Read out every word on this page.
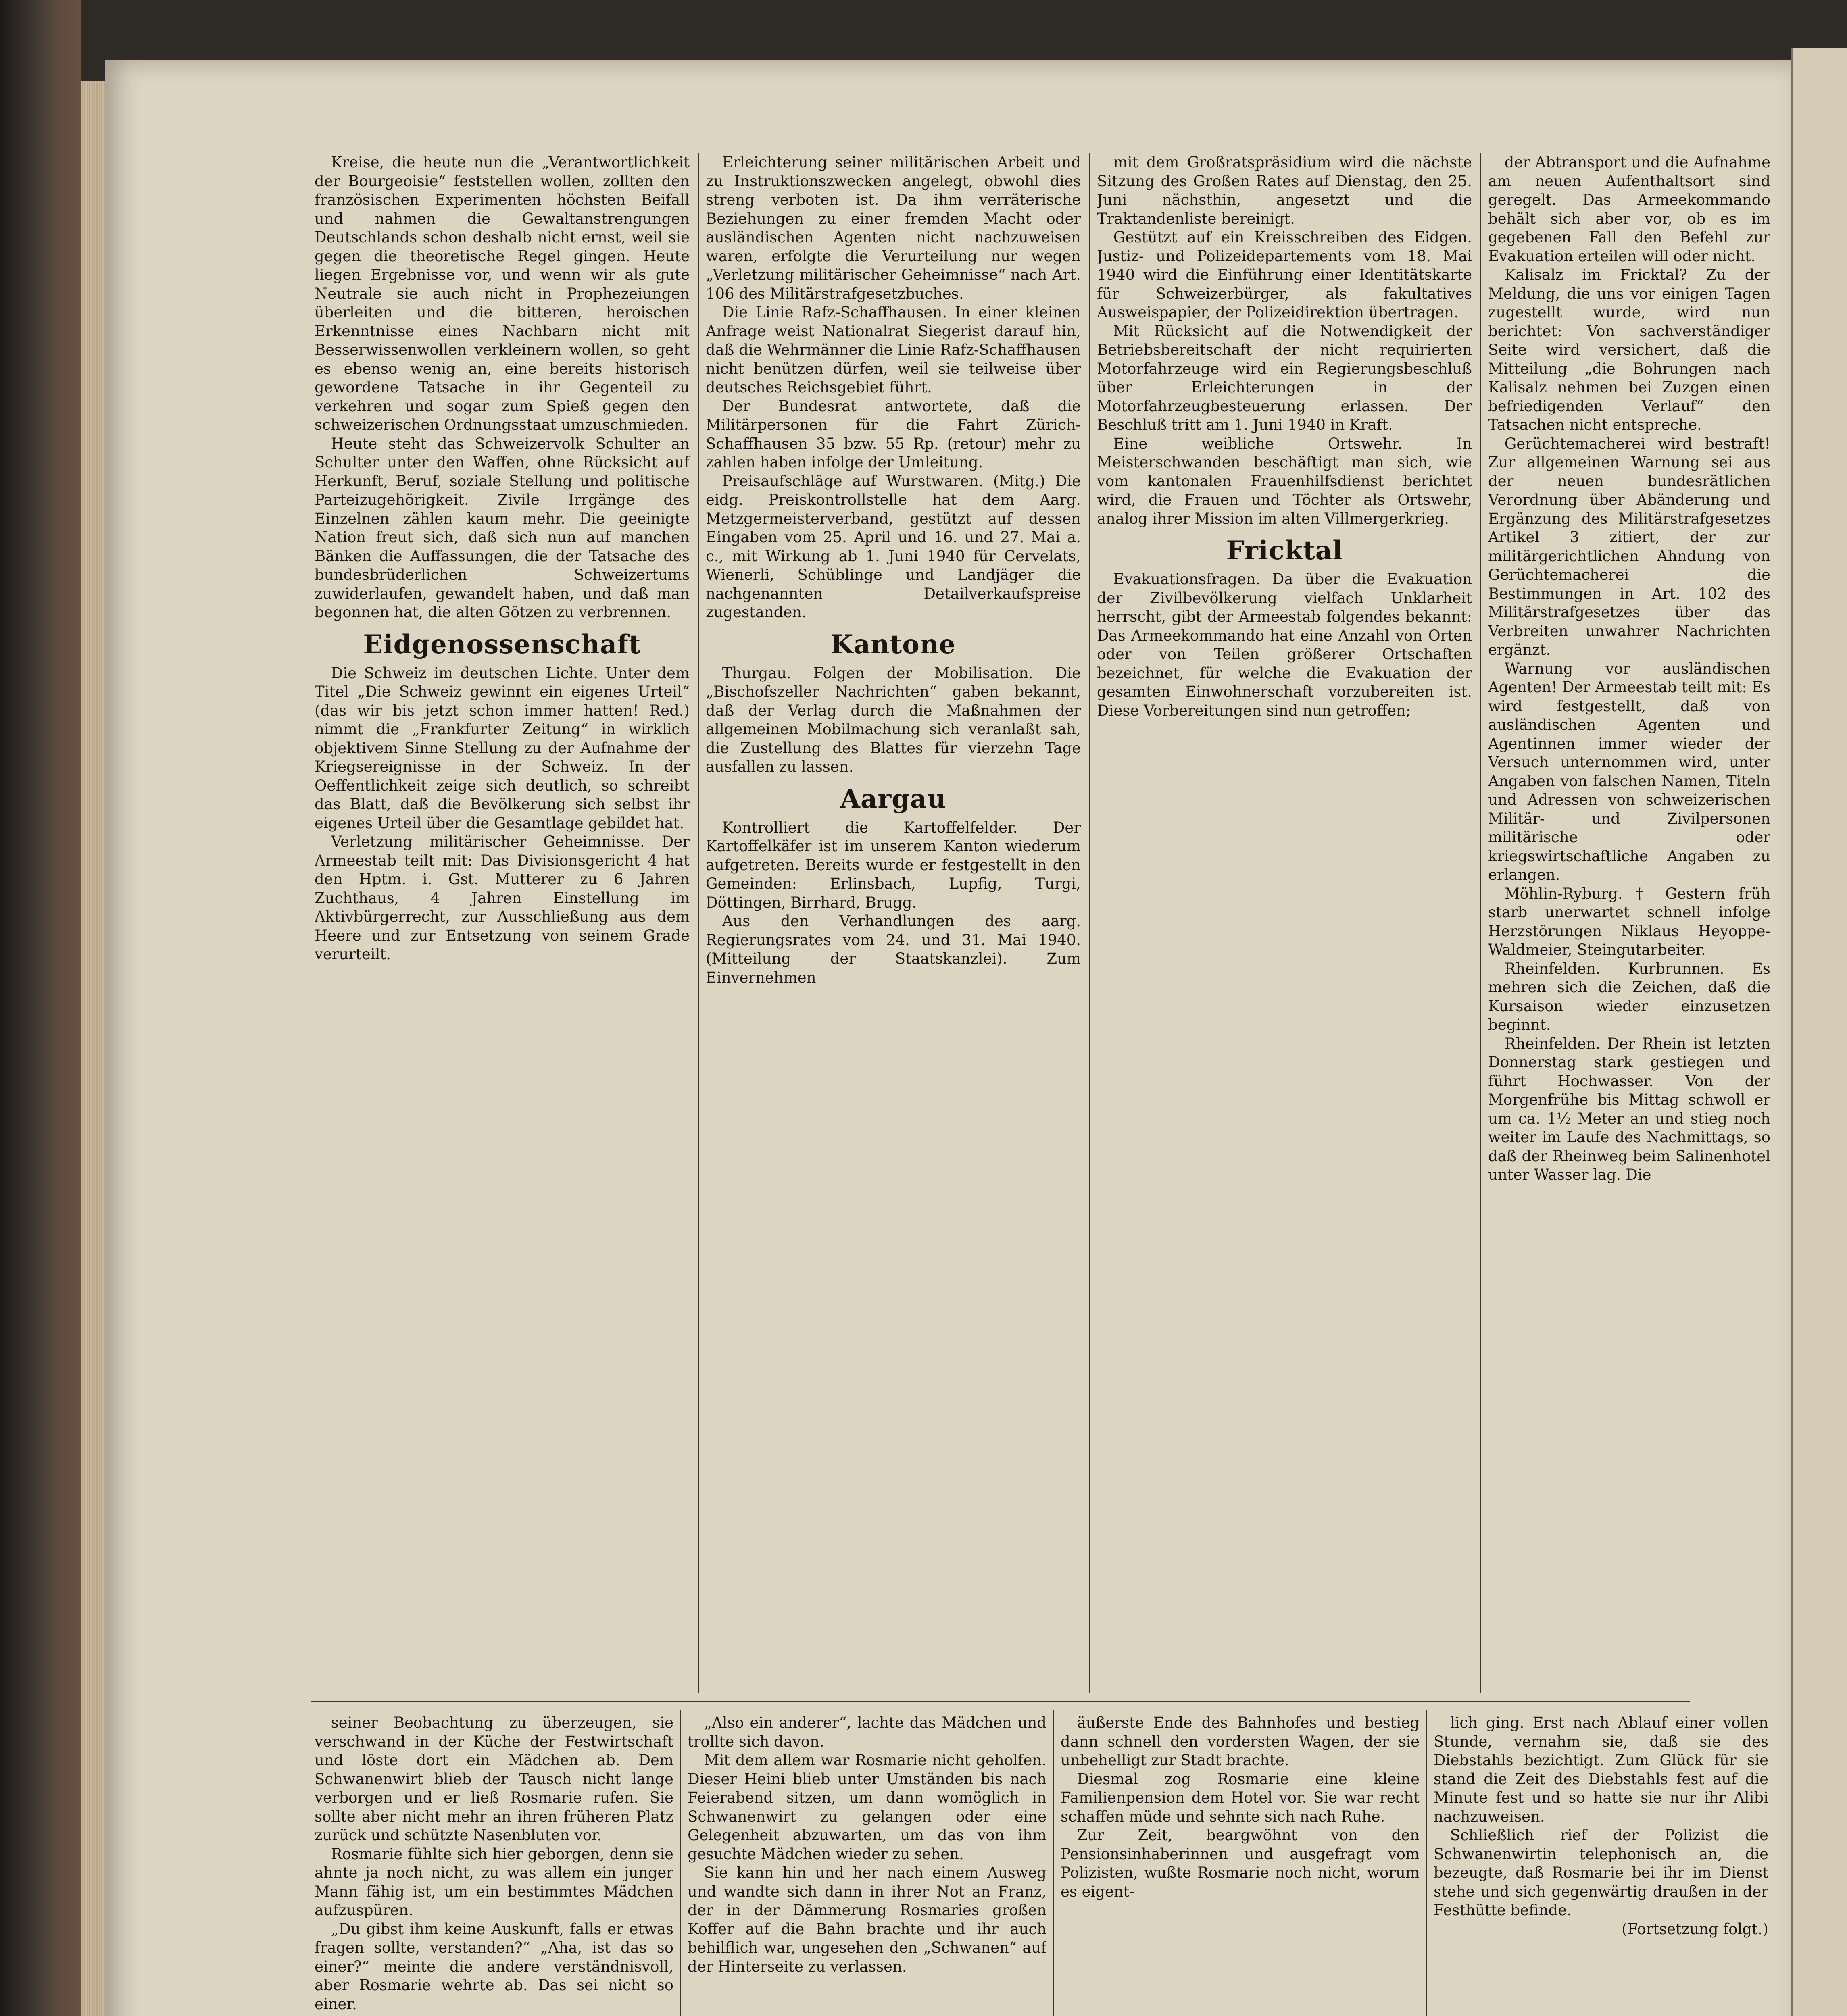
Kreise, die heute nun die „Verantwortlichkeit der Bourgeoisie“ feststellen wollen, zollten den französischen Experimenten höchsten Beifall und nahmen die Gewaltanstrengungen Deutschlands schon deshalb nicht ernst, weil sie gegen die theoretische Regel gingen. Heute liegen Ergebnisse vor, und wenn wir als gute Neutrale sie auch nicht in Prophezeiungen überleiten und die bitteren, heroischen Erkenntnisse eines Nachbarn nicht mit Besserwissenwollen verkleinern wollen, so geht es ebenso wenig an, eine bereits historisch gewordene Tatsache in ihr Gegenteil zu verkehren und sogar zum Spieß gegen den schweizerischen Ordnungsstaat umzuschmieden.

Heute steht das Schweizervolk Schulter an Schulter unter den Waffen, ohne Rücksicht auf Herkunft, Beruf, soziale Stellung und politische Parteizugehörigkeit. Zivile Irrgänge des Einzelnen zählen kaum mehr. Die geeinigte Nation freut sich, daß sich nun auf manchen Bänken die Auffassungen, die der Tatsache des bundesbrüderlichen Schweizertums zuwiderlaufen, gewandelt haben, und daß man begonnen hat, die alten Götzen zu verbrennen.

Eidgenossenschaft

Die Schweiz im deutschen Lichte. Unter dem Titel „Die Schweiz gewinnt ein eigenes Urteil“ (das wir bis jetzt schon immer hatten! Red.) nimmt die „Frankfurter Zeitung“ in wirklich objektivem Sinne Stellung zu der Aufnahme der Kriegsereignisse in der Schweiz. In der Oeffentlichkeit zeige sich deutlich, so schreibt das Blatt, daß die Bevölkerung sich selbst ihr eigenes Urteil über die Gesamtlage gebildet hat.

Verletzung militärischer Geheimnisse. Der Armeestab teilt mit: Das Divisionsgericht 4 hat den Hptm. i. Gst. Mutterer zu 6 Jahren Zuchthaus, 4 Jahren Einstellung im Aktivbürgerrecht, zur Ausschließung aus dem Heere und zur Entsetzung von seinem Grade verurteilt.

Erleichterung seiner militärischen Arbeit und zu Instruktionszwecken angelegt, obwohl dies streng verboten ist. Da ihm verräterische Beziehungen zu einer fremden Macht oder ausländischen Agenten nicht nachzuweisen waren, erfolgte die Verurteilung nur wegen „Verletzung militärischer Geheimnisse“ nach Art. 106 des Militärstrafgesetzbuches.

Die Linie Rafz-Schaffhausen. In einer kleinen Anfrage weist Nationalrat Siegerist darauf hin, daß die Wehrmänner die Linie Rafz-Schaffhausen nicht benützen dürfen, weil sie teilweise über deutsches Reichsgebiet führt.

Der Bundesrat antwortete, daß die Militärpersonen für die Fahrt Zürich-Schaffhausen 35 bzw. 55 Rp. (retour) mehr zu zahlen haben infolge der Umleitung.

Preisaufschläge auf Wurstwaren. (Mitg.) Die eidg. Preiskontrollstelle hat dem Aarg. Metzgermeisterverband, gestützt auf dessen Eingaben vom 25. April und 16. und 27. Mai a. c., mit Wirkung ab 1. Juni 1940 für Cervelats, Wienerli, Schüblinge und Landjäger die nachgenannten Detailverkaufspreise zugestanden.

Kantone

Thurgau. Folgen der Mobilisation. Die „Bischofszeller Nachrichten“ gaben bekannt, daß der Verlag durch die Maßnahmen der allgemeinen Mobilmachung sich veranlaßt sah, die Zustellung des Blattes für vierzehn Tage ausfallen zu lassen.

Aargau

Kontrolliert die Kartoffelfelder. Der Kartoffelkäfer ist im unserem Kanton wiederum aufgetreten. Bereits wurde er festgestellt in den Gemeinden: Erlinsbach, Lupfig, Turgi, Döttingen, Birrhard, Brugg.

Aus den Verhandlungen des aarg. Regierungsrates vom 24. und 31. Mai 1940. (Mitteilung der Staatskanzlei). Zum Einvernehmen

mit dem Großratspräsidium wird die nächste Sitzung des Großen Rates auf Dienstag, den 25. Juni nächsthin, angesetzt und die Traktandenliste bereinigt.

Gestützt auf ein Kreisschreiben des Eidgen. Justiz- und Polizeidepartements vom 18. Mai 1940 wird die Einführung einer Identitätskarte für Schweizerbürger, als fakultatives Ausweispapier, der Polizeidirektion übertragen.

Mit Rücksicht auf die Notwendigkeit der Betriebsbereitschaft der nicht requirierten Motorfahrzeuge wird ein Regierungsbeschluß über Erleichterungen in der Motorfahrzeugbesteuerung erlassen. Der Beschluß tritt am 1. Juni 1940 in Kraft.

Eine weibliche Ortswehr. In Meisterschwanden beschäftigt man sich, wie vom kantonalen Frauenhilfsdienst berichtet wird, die Frauen und Töchter als Ortswehr, analog ihrer Mission im alten Villmergerkrieg.

Fricktal

Evakuationsfragen. Da über die Evakuation der Zivilbevölkerung vielfach Unklarheit herrscht, gibt der Armeestab folgendes bekannt: Das Armeekommando hat eine Anzahl von Orten oder von Teilen größerer Ortschaften bezeichnet, für welche die Evakuation der gesamten Einwohnerschaft vorzubereiten ist. Diese Vorbereitungen sind nun getroffen;

der Abtransport und die Aufnahme am neuen Aufenthaltsort sind geregelt. Das Armeekommando behält sich aber vor, ob es im gegebenen Fall den Befehl zur Evakuation erteilen will oder nicht.

Kalisalz im Fricktal? Zu der Meldung, die uns vor einigen Tagen zugestellt wurde, wird nun berichtet: Von sachverständiger Seite wird versichert, daß die Mitteilung „die Bohrungen nach Kalisalz nehmen bei Zuzgen einen befriedigenden Verlauf“ den Tatsachen nicht entspreche.

Gerüchtemacherei wird bestraft! Zur allgemeinen Warnung sei aus der neuen bundesrätlichen Verordnung über Abänderung und Ergänzung des Militärstrafgesetzes Artikel 3 zitiert, der zur militärgerichtlichen Ahndung von Gerüchtemacherei die Bestimmungen in Art. 102 des Militärstrafgesetzes über das Verbreiten unwahrer Nachrichten ergänzt.

Warnung vor ausländischen Agenten! Der Armeestab teilt mit: Es wird festgestellt, daß von ausländischen Agenten und Agentinnen immer wieder der Versuch unternommen wird, unter Angaben von falschen Namen, Titeln und Adressen von schweizerischen Militär- und Zivilpersonen militärische oder kriegswirtschaftliche Angaben zu erlangen.

Möhlin-Ryburg. † Gestern früh starb unerwartet schnell infolge Herzstörungen Niklaus Heyoppe-Waldmeier, Steingutarbeiter.

Rheinfelden. Kurbrunnen. Es mehren sich die Zeichen, daß die Kursaison wieder einzusetzen beginnt.

Rheinfelden. Der Rhein ist letzten Donnerstag stark gestiegen und führt Hochwasser. Von der Morgenfrühe bis Mittag schwoll er um ca. 1½ Meter an und stieg noch weiter im Laufe des Nachmittags, so daß der Rheinweg beim Salinenhotel unter Wasser lag. Die

seiner Beobachtung zu überzeugen, sie verschwand in der Küche der Festwirtschaft und löste dort ein Mädchen ab. Dem Schwanenwirt blieb der Tausch nicht lange verborgen und er ließ Rosmarie rufen. Sie sollte aber nicht mehr an ihren früheren Platz zurück und schützte Nasenbluten vor.

Rosmarie fühlte sich hier geborgen, denn sie ahnte ja noch nicht, zu was allem ein junger Mann fähig ist, um ein bestimmtes Mädchen aufzuspüren.

„Du gibst ihm keine Auskunft, falls er etwas fragen sollte, verstanden?“ „Aha, ist das so einer?“ meinte die andere verständnisvoll, aber Rosmarie wehrte ab. Das sei nicht so einer.

„Also ein anderer“, lachte das Mädchen und trollte sich davon.

Mit dem allem war Rosmarie nicht geholfen. Dieser Heini blieb unter Umständen bis nach Feierabend sitzen, um dann womöglich in Schwanenwirt zu gelangen oder eine Gelegenheit abzuwarten, um das von ihm gesuchte Mädchen wieder zu sehen.

Sie kann hin und her nach einem Ausweg und wandte sich dann in ihrer Not an Franz, der in der Dämmerung Rosmaries großen Koffer auf die Bahn brachte und ihr auch behilflich war, ungesehen den „Schwanen“ auf der Hinterseite zu verlassen.

äußerste Ende des Bahnhofes und bestieg dann schnell den vordersten Wagen, der sie unbehelligt zur Stadt brachte.

Diesmal zog Rosmarie eine kleine Familienpension dem Hotel vor. Sie war recht schaffen müde und sehnte sich nach Ruhe.

Zur Zeit, beargwöhnt von den Pensionsinhaberinnen und ausgefragt vom Polizisten, wußte Rosmarie noch nicht, worum es eigent-

lich ging. Erst nach Ablauf einer vollen Stunde, vernahm sie, daß sie des Diebstahls bezichtigt. Zum Glück für sie stand die Zeit des Diebstahls fest auf die Minute fest und so hatte sie nur ihr Alibi nachzuweisen.

Schließlich rief der Polizist die Schwanenwirtin telephonisch an, die bezeugte, daß Rosmarie bei ihr im Dienst stehe und sich gegenwärtig draußen in der Festhütte befinde.

(Fortsetzung folgt.)
